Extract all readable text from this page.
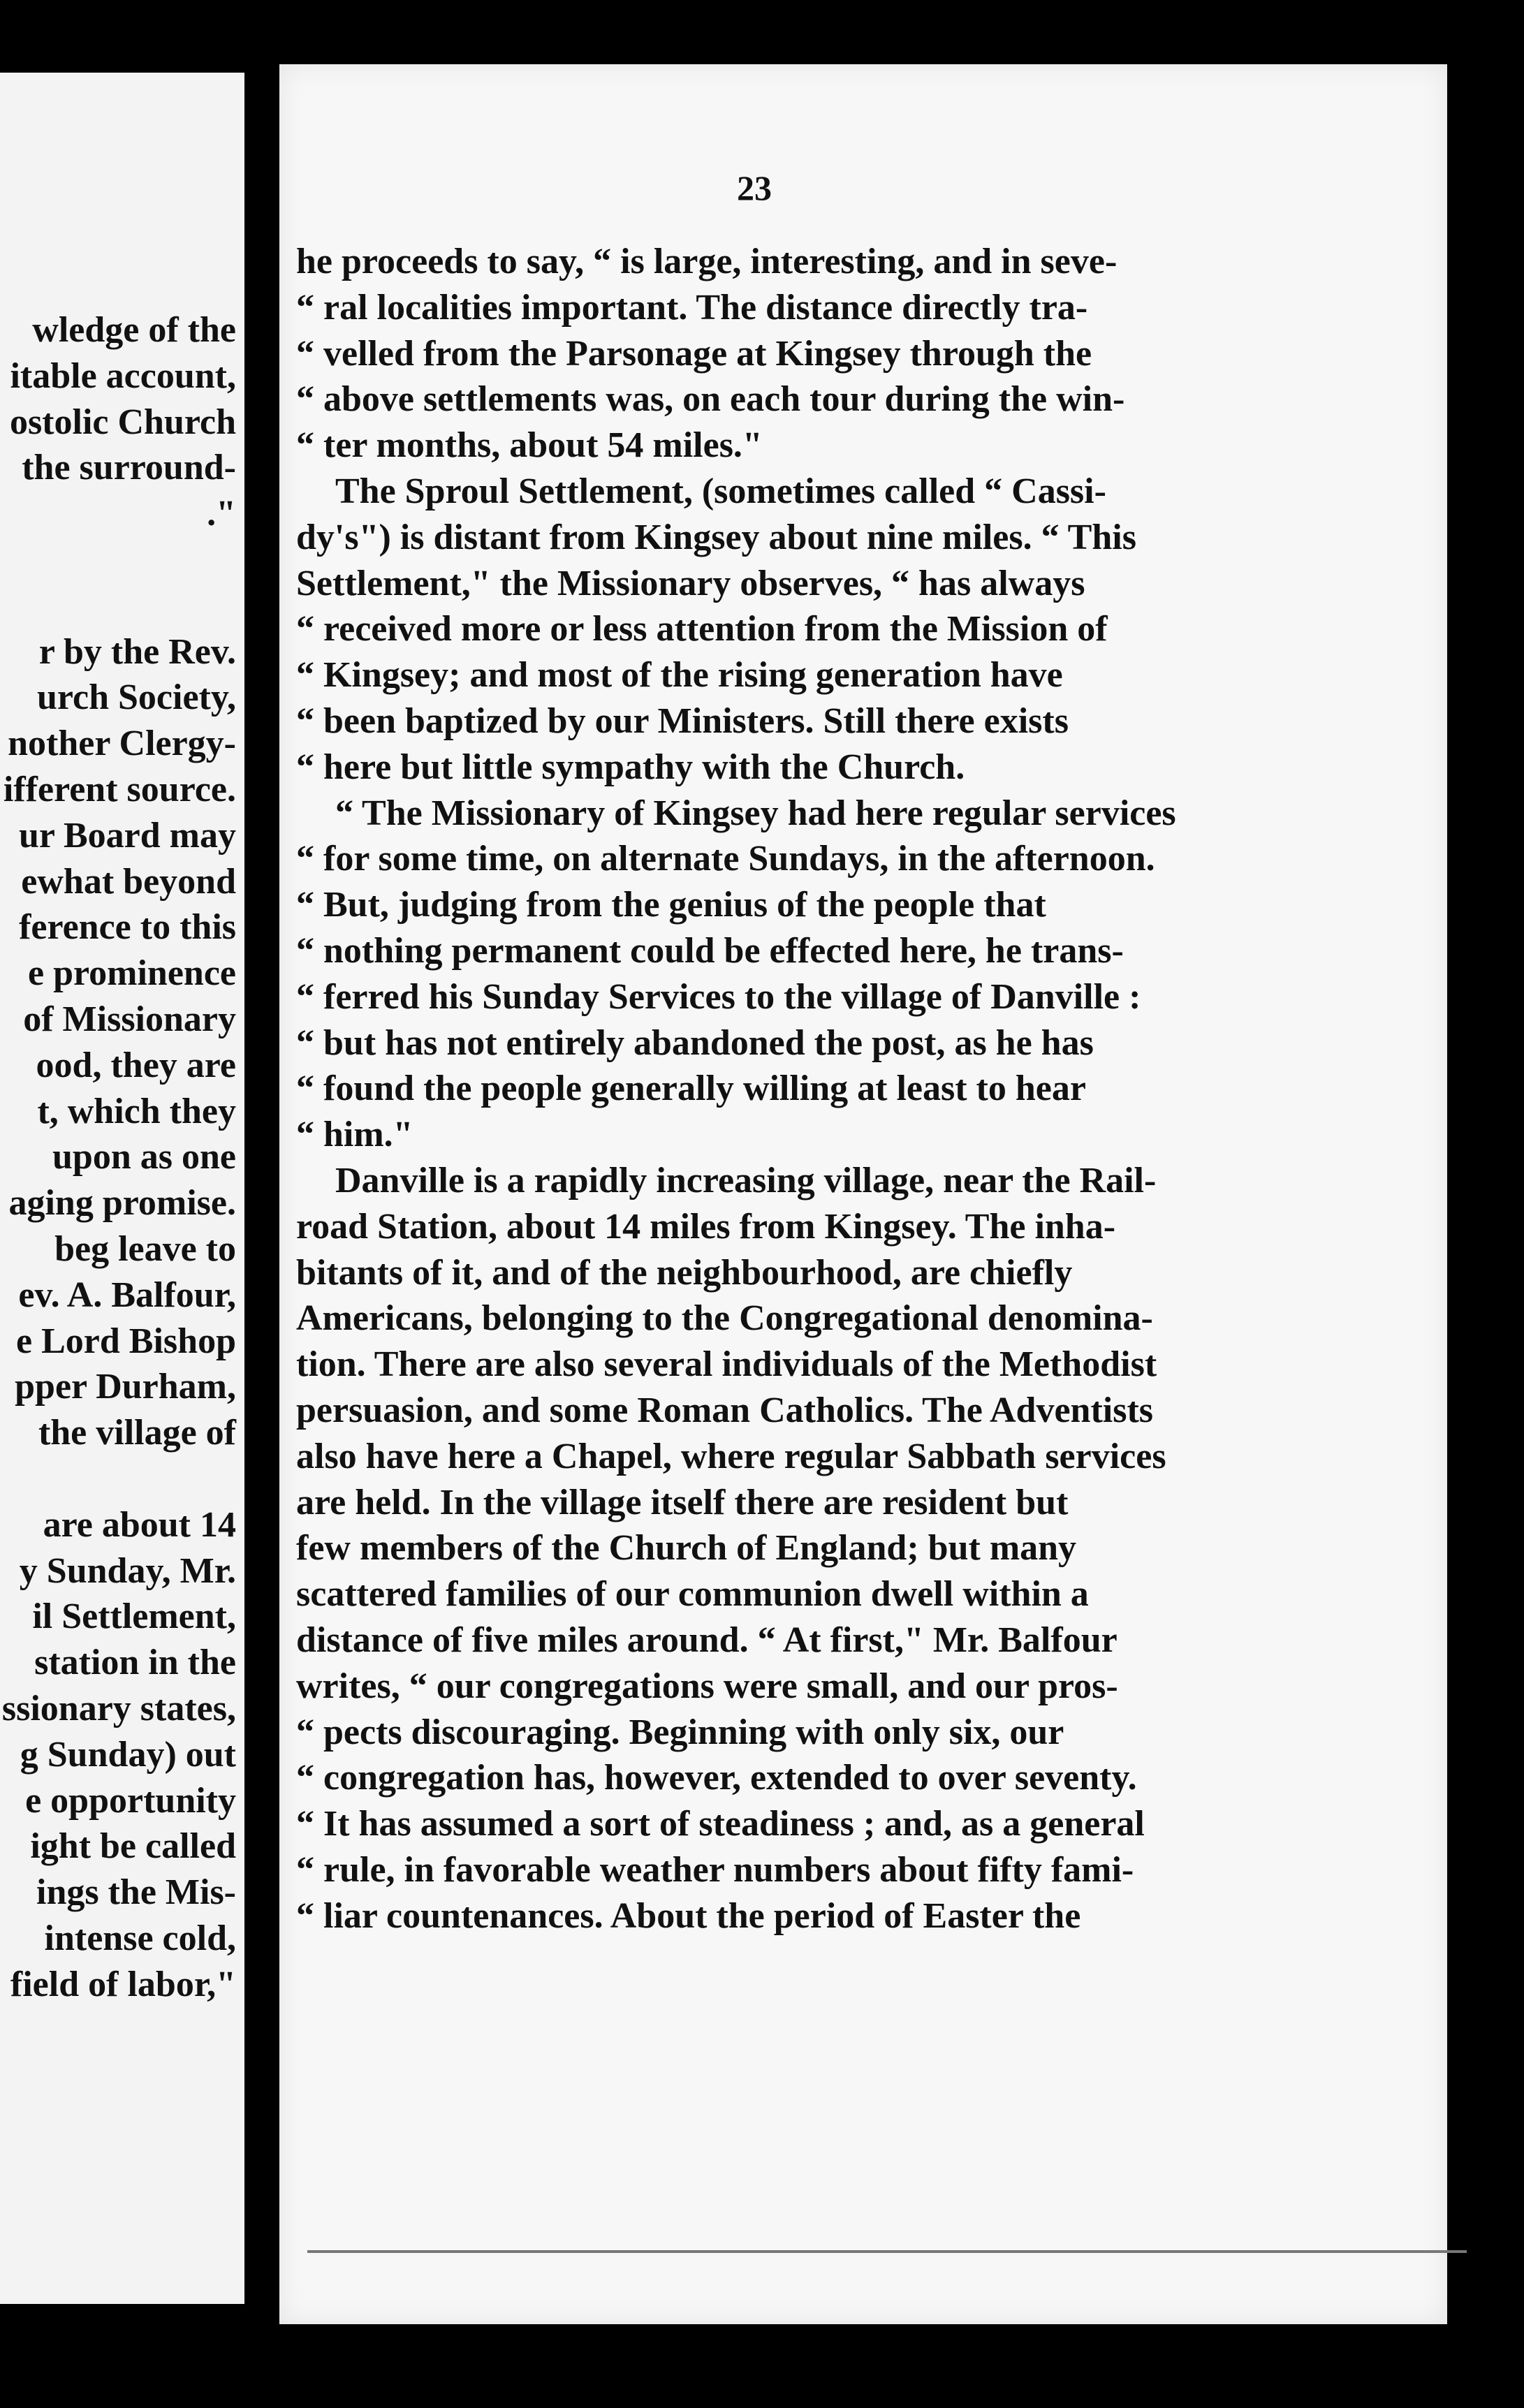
wledge of the
itable account,
ostolic Church
the surround-
."
r by the Rev.
urch Society,
nother Clergy-
ifferent source.
ur Board may
ewhat beyond
ference to this
e prominence
of Missionary
ood, they are
t, which they
upon as one
aging promise.
beg leave to
ev. A. Balfour,
e Lord Bishop
pper Durham,
the village of
are about 14
y Sunday, Mr.
il Settlement,
station in the
ssionary states,
g Sunday) out
e opportunity
ight be called
ings the Mis-
intense cold,
field of labor,"
23
he proceeds to say, “ is large, interesting, and in seve-
“ ral localities important. The distance directly tra-
“ velled from the Parsonage at Kingsey through the
“ above settlements was, on each tour during the win-
“ ter months, about 54 miles."
The Sproul Settlement, (sometimes called “ Cassi-
dy's") is distant from Kingsey about nine miles. “ This
Settlement," the Missionary observes, “ has always
“ received more or less attention from the Mission of
“ Kingsey; and most of the rising generation have
“ been baptized by our Ministers. Still there exists
“ here but little sympathy with the Church.
“ The Missionary of Kingsey had here regular services
“ for some time, on alternate Sundays, in the afternoon.
“ But, judging from the genius of the people that
“ nothing permanent could be effected here, he trans-
“ ferred his Sunday Services to the village of Danville :
“ but has not entirely abandoned the post, as he has
“ found the people generally willing at least to hear
“ him."
Danville is a rapidly increasing village, near the Rail-
road Station, about 14 miles from Kingsey. The inha-
bitants of it, and of the neighbourhood, are chiefly
Americans, belonging to the Congregational denomina-
tion. There are also several individuals of the Methodist
persuasion, and some Roman Catholics. The Adventists
also have here a Chapel, where regular Sabbath services
are held. In the village itself there are resident but
few members of the Church of England; but many
scattered families of our communion dwell within a
distance of five miles around. “ At first," Mr. Balfour
writes, “ our congregations were small, and our pros-
“ pects discouraging. Beginning with only six, our
“ congregation has, however, extended to over seventy.
“ It has assumed a sort of steadiness ; and, as a general
“ rule, in favorable weather numbers about fifty fami-
“ liar countenances. About the period of Easter the
